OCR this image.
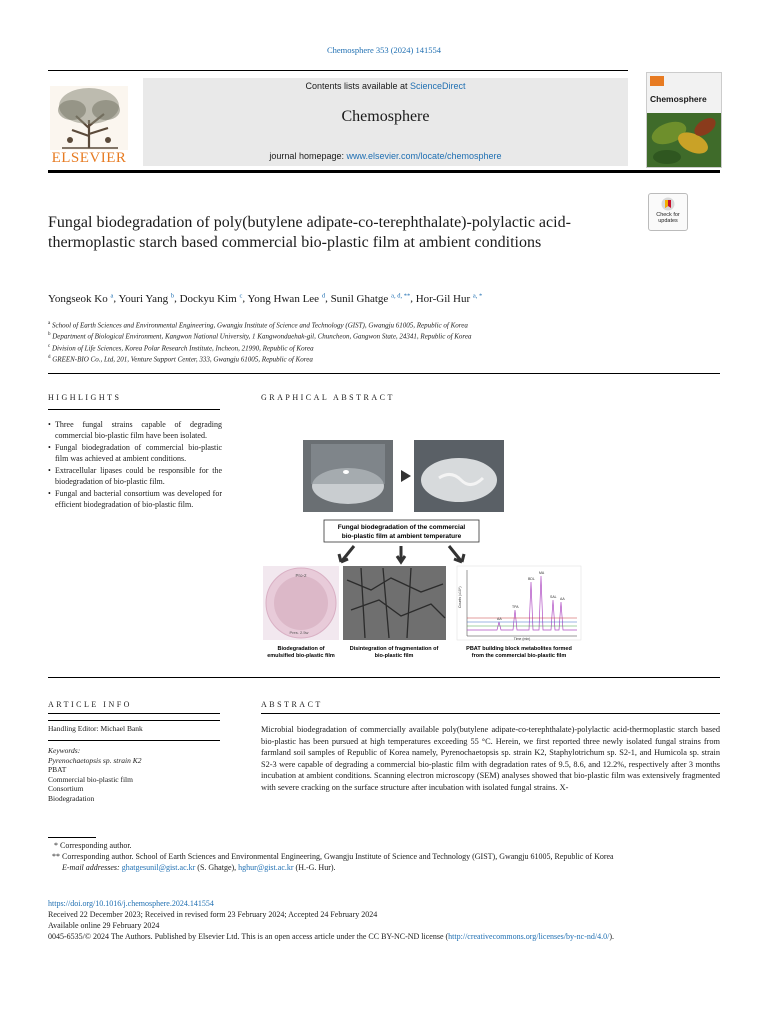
Chemosphere 353 (2024) 141554
ELSEVIER
Contents lists available at ScienceDirect
Chemosphere
journal homepage: www.elsevier.com/locate/chemosphere
Chemosphere
Check for updates
Fungal biodegradation of poly(butylene adipate-co-terephthalate)-polylactic acid-thermoplastic starch based commercial bio-plastic film at ambient conditions
Yongseok Ko $^a$, Youri Yang $^b$, Dockyu Kim $^c$, Yong Hwan Lee $^d$, Sunil Ghatge $^{a, d, **}$, Hor-Gil Hur $^{a, *}$
$^a$ School of Earth Sciences and Environmental Engineering, Gwangju Institute of Science and Technology (GIST), Gwangju 61005, Republic of Korea
$^b$ Department of Biological Environment, Kangwon National University, 1 Kangwondaehak-gil, Chuncheon, Gangwon State, 24341, Republic of Korea
$^c$ Division of Life Sciences, Korea Polar Research Institute, Incheon, 21990, Republic of Korea
$^d$ GREEN-BIO Co., Ltd, 201, Venture Support Center, 333, Gwangju 61005, Republic of Korea
HIGHLIGHTS	GRAPHICAL ABSTRACT
ARTICLE INFO	ABSTRACT
• Three fungal strains capable of degrading commercial bio-plastic film have been isolated.
• Fungal biodegradation of commercial bio-plastic film was achieved at ambient conditions.
• Extracellular lipases could be responsible for the biodegradation of bio-plastic film.
• Fungal and bacterial consortium was developed for efficient biodegradation of bio-plastic film.
Fungal biodegradation of the commercial
bio-plastic film at ambient temperature
Pro-2
Pres. 2.5w
AA
TPA
BDL
MA
SAL AA
Counts (x10⁵)
Time (min)
Biodegradation of
emulsified bio-plastic film
Disintegration of fragmentation of
bio-plastic film
PBAT building block metabolites formed
from the commercial bio-plastic film
Handling Editor: Michael Bank
Keywords:
Pyrenochaetopsis sp. strain K2
PBAT
Commercial bio-plastic film
Consortium
Biodegradation
Microbial biodegradation of commercially available poly(butylene adipate-co-terephthalate)-polylactic acid-thermoplastic starch based bio-plastic has been pursued at high temperatures exceeding 55 °C. Herein, we first reported three newly isolated fungal strains from farmland soil samples of Republic of Korea namely, Pyrenochaetopsis sp. strain K2, Staphylotrichum sp. S2-1, and Humicola sp. strain S2-3 were capable of degrading a commercial bio-plastic film with degradation rates of 9.5, 8.6, and 12.2%, respectively after 3 months incubation at ambient conditions. Scanning electron microscopy (SEM) analyses showed that bio-plastic film was extensively fragmented with severe cracking on the surface structure after incubation with isolated fungal strains. X-
* Corresponding author.
** Corresponding author. School of Earth Sciences and Environmental Engineering, Gwangju Institute of Science and Technology (GIST), Gwangju 61005, Republic of Korea
E-mail addresses: ghatgesunil@gist.ac.kr (S. Ghatge), hghur@gist.ac.kr (H.-G. Hur).
https://doi.org/10.1016/j.chemosphere.2024.141554
Received 22 December 2023; Received in revised form 23 February 2024; Accepted 24 February 2024
Available online 29 February 2024
0045-6535/© 2024 The Authors. Published by Elsevier Ltd. This is an open access article under the CC BY-NC-ND license (http://creativecommons.org/licenses/by-nc-nd/4.0/).
